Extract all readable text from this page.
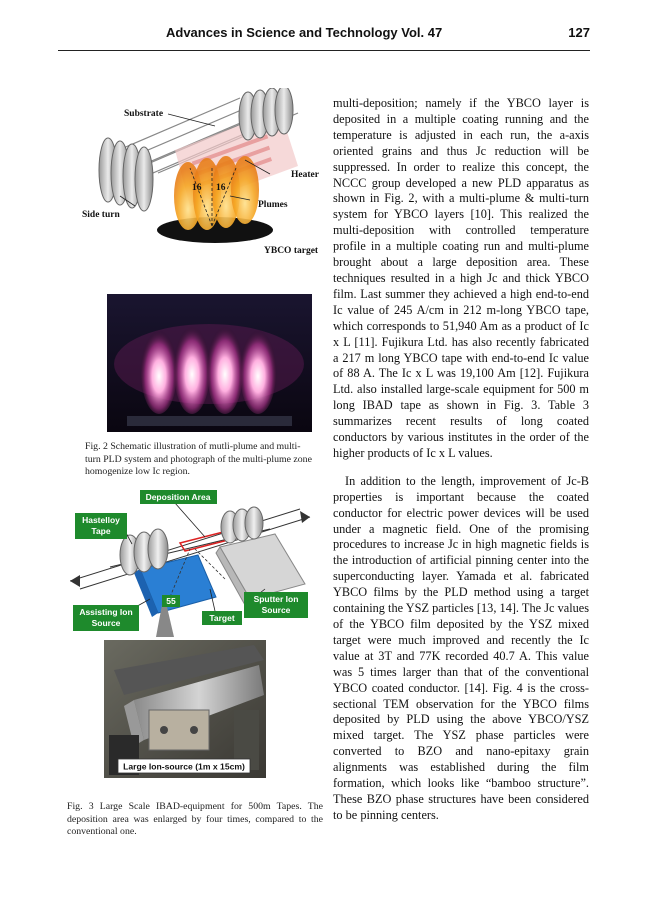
Advances in Science and Technology Vol. 47	127
Substrate
Heater
Side turn
Plumes
YBCO target
16 16
Fig. 2 Schematic illustration of mutli-plume and multi-turn PLD system and photograph of the multi-plume zone homogenize low Ic region.
Deposition Area
Hastelloy Tape
Assisting Ion Source	Target
Sputter Ion Source
55
Large Ion-source (1m x 15cm)
Fig. 3 Large Scale IBAD-equipment for 500m Tapes. The deposition area was enlarged by four times, compared to the conventional one.

multi-deposition; namely if the YBCO layer is deposited in a multiple coating running and the temperature is adjusted in each run, the a-axis oriented grains and thus Jc reduction will be suppressed. In order to realize this concept, the NCCC group developed a new PLD apparatus as shown in Fig. 2, with a multi-plume & multi-turn system for YBCO layers [10]. This realized the multi-deposition with controlled temperature profile in a multiple coating run and multi-plume brought about a large deposition area. These techniques resulted in a high Jc and thick YBCO film. Last summer they achieved a high end-to-end Ic value of 245 A/cm in 212 m-long YBCO tape, which corresponds to 51,940 Am as a product of Ic x L [11]. Fujikura Ltd. has also recently fabricated a 217 m long YBCO tape with end-to-end Ic value of 88 A. The Ic x L was 19,100 Am [12]. Fujikura Ltd. also installed large-scale equipment for 500 m long IBAD tape as shown in Fig. 3. Table 3 summarizes recent results of long coated conductors by various institutes in the order of the higher products of Ic x L values.

In addition to the length, improvement of Jc-B properties is important because the coated conductor for electric power devices will be used under a magnetic field. One of the promising procedures to increase Jc in high magnetic fields is the introduction of artificial pinning center into the superconducting layer. Yamada et al. fabricated YBCO films by the PLD method using a target containing the YSZ particles [13, 14]. The Jc values of the YBCO film deposited by the YSZ mixed target were much improved and recently the Ic value at 3T and 77K recorded 40.7 A. This value was 5 times larger than that of the conventional YBCO coated conductor. [14]. Fig. 4 is the cross-sectional TEM observation for the YBCO films deposited by PLD using the above YBCO/YSZ mixed target. The YSZ phase particles were converted to BZO and nano-epitaxy grain alignments was established during the film formation, which looks like “bamboo structure”. These BZO phase structures have been considered to be pinning centers.
